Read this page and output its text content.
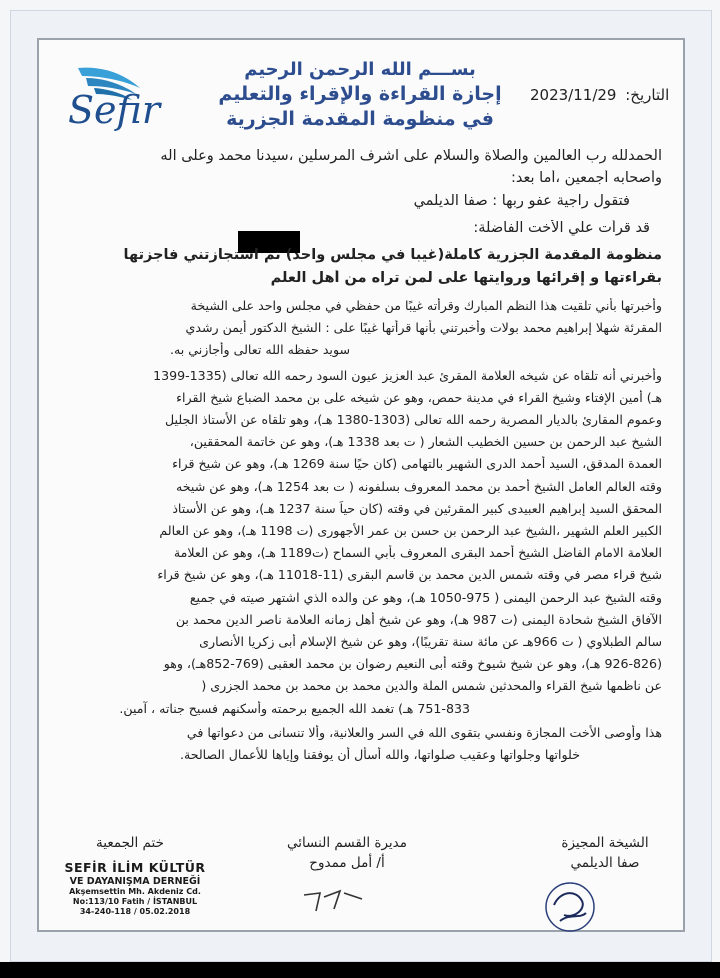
Sefir
بســـم الله الرحمن الرحيم
إجازة القراءة والإقراء والتعليم
في منظومة المقدمة الجزرية
التاريخ: 2023/11/29
الحمدلله رب العالمين والصلاة والسلام على اشرف المرسلين ،سيدنا محمد وعلى آله
وأصحابه أجمعين ،أما بعد:
فتقول راجية عفو ربها : صفا الديلمي
قد قرأت علي الأخت الفاضلة:
منظومة المقدمة الجزرية كاملة(غيبا في مجلس واحد) ثم استجازتني فاجزتها
بقراءتها و إقرائها وروايتها على لمن تراه من أهل العلم
وأخبرتها بأني تلقيت هذا النظم المبارك وقرأته غيبًا من حفظي في مجلس واحد على الشيخة
المقرئة شهلا إبراهيم محمد بولات وأخبرتني بأنها قرأتها غيبًا على : الشيخ الدكتور أيمن رشدي
سويد حفظه الله تعالى وأجازني به.
وأخبرني أنه تلقاه عن شيخه العلامة المقرئ عبد العزيز عيون السود رحمه الله تعالى (1335-1399
هـ) أمين الإفتاء وشيخ القراء في مدينة حمص، وهو عن شيخه على بن محمد الضباع شيخ القراء
وعموم المقارئ بالديار المصرية رحمه الله تعالى (1303-1380 هـ)، وهو تلقاه عن الأستاذ الجليل
الشيخ عبد الرحمن بن حسين الخطيب الشعار ( ت بعد 1338 هـ)، وهو عن خاتمة المحققين،
العمدة المدقق، السيد أحمد الدرى الشهير بالتهامى (كان حيًا سنة 1269 هـ)، وهو عن شيخ قراء
وقته العالم العامل الشيخ أحمد بن محمد المعروف بسلفونه ( ت بعد 1254 هـ)، وهو عن شيخه
المحقق السيد إبراهيم العبيدى كبير المقرئين في وقته (كان حياً سنة 1237 هـ)، وهو عن الأستاذ
الكبير العلم الشهير ،الشيخ عبد الرحمن بن حسن بن عمر الأجهورى (ت 1198 هـ)، وهو عن العالم
العلامة الامام الفاضل الشيخ أحمد البقرى المعروف بأبي السماح (ت1189 هـ)، وهو عن العلامة
شيخ قراء مصر في وقته شمس الدين محمد بن قاسم البقرى (11-11018 هـ)، وهو عن شيخ قراء
وقته الشيخ عبد الرحمن اليمنى ( 975-1050 هـ)، وهو عن والده الذي اشتهر صيته في جميع
الآفاق الشيخ شحادة اليمنى (ت 987 هـ)، وهو عن شيخ أهل زمانه العلامة ناصر الدين محمد بن
سالم الطبلاوي ( ت 966هـ عن مائة سنة تقريبًا)، وهو عن شيخ الإسلام أبى زكريا الأنصارى
(926-826 هـ)، وهو عن شيخ شيوخ وقته أبى النعيم رضوان بن محمد العقبى (769-852هـ)، وهو
عن ناظمها شيخ القراء والمحدثين شمس الملة والدين محمد بن محمد بن محمد الجزرى (
751-833 هـ) تغمد الله الجميع برحمته وأسكنهم فسيح جناته ، آمين.
هذا وأوصى الأخت المجازة ونفسي بتقوى الله في السر والعلانية، وألا تنسانى من دعواتها في
خلواتها وجلواتها وعقيب صلواتها، والله أسأل أن يوفقنا وإياها للأعمال الصالحة.
الشيخة المجيزة
صفا الديلمي
مديرة القسم النسائي
أ/ أمل ممدوح
ختم الجمعية
SEFİR İLİM KÜLTÜR
VE DAYANIŞMA DERNEĞİ
Akşemsettin Mh. Akdeniz Cd.
No:113/10 Fatih / İSTANBUL
34-240-118 / 05.02.2018
